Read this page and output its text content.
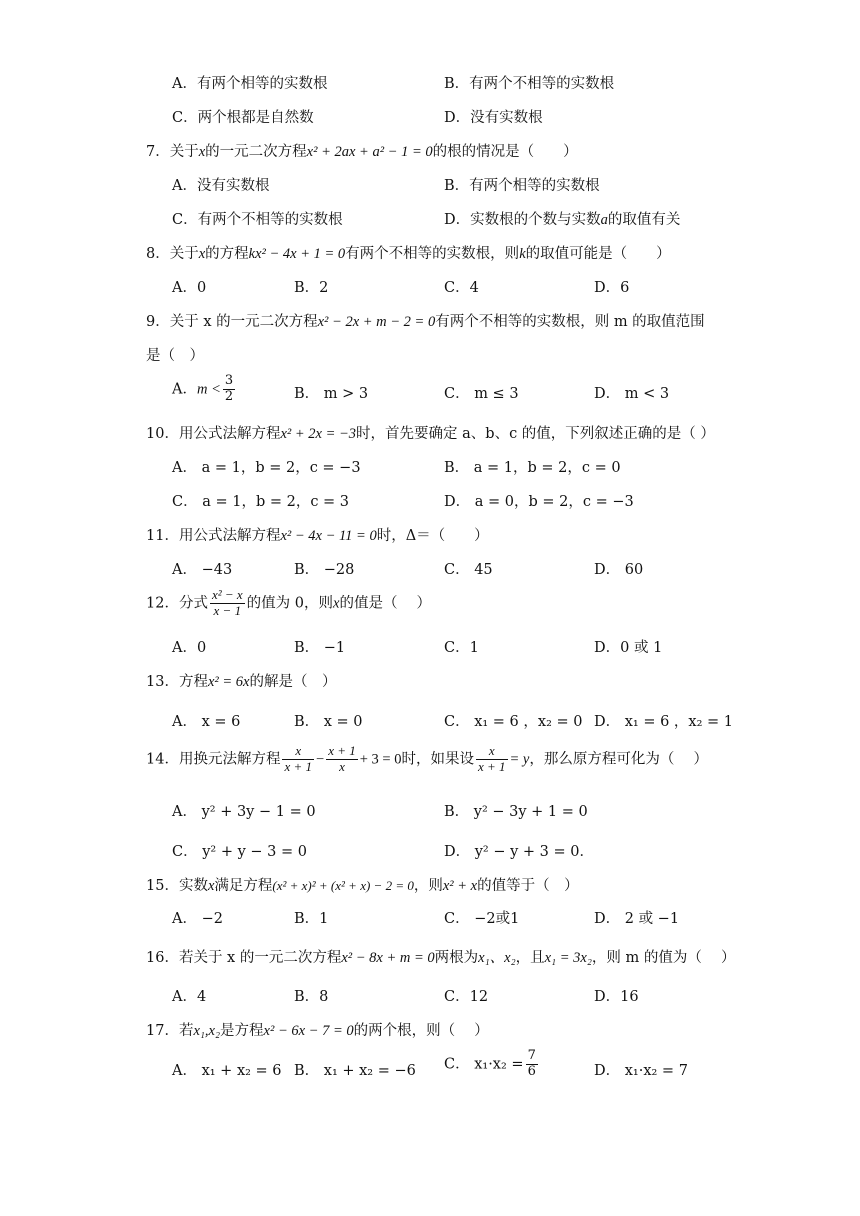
A．有两个相等的实数根	B．有两个不相等的实数根
C．两个根都是自然数	D．没有实数根
7．关于x的一元二次方程x² + 2ax + a² − 1 = 0的根的情况是（　　）
A．没有实数根	B．有两个相等的实数根
C．有两个不相等的实数根	D．实数根的个数与实数a的取值有关
8．关于x的方程kx² − 4x + 1 = 0有两个不相等的实数根，则k的取值可能是（　　）
A．0	B．2	C．4	D．6
9．关于 x 的一元二次方程x² − 2x + m − 2 = 0有两个不相等的实数根，则 m 的取值范围
是（　）
A．$m < \frac{3}{2}$	B． m > 3	C． m ≤ 3	D． m < 3
10．用公式法解方程x² + 2x = −3时，首先要确定 a、b、c 的值，下列叙述正确的是（ ）
A． a = 1，b = 2，c = −3	B． a = 1，b = 2，c = 0
C． a = 1，b = 2，c = 3	D． a = 0，b = 2，c = −3
11．用公式法解方程x² − 4x − 11 = 0时，Δ＝（　　）
A． −43	B． −28	C． 45	D． 60
12．分式 $\frac{\text{x² − x}}{x - 1}$ 的值为 0，则x的值是（　 ）
A．0	B． −1	C．1	D．0 或 1
13．方程x² = 6x的解是（　）
A． x = 6	B． x = 0	C． x₁ = 6 ，x₂ = 0 D． x₁ = 6 ，x₂ = 1
14．用换元法解方程 $\frac{x}{x + 1} - \frac{x + 1}{x} + 3 = 0$时，如果设 $\frac{x}{x + 1} = y$，那么原方程可化为（　 ）
A． y² + 3y − 1 = 0	B． y² − 3y + 1 = 0
C． y² + y − 3 = 0	D． y² − y + 3 = 0．
15．实数x满足方程(x² + x)² + (x² + x) − 2 = 0，则x² + x的值等于（　）
A． −2	B．1	C． −2或1	D． 2 或 −1
16．若关于 x 的一元二次方程x² − 8x + m = 0两根为x₁、x₂，且x₁ = 3x₂，则 m 的值为（　 ）
A．4	B．8	C．12	D．16
17．若x₁,x₂是方程x² − 6x − 7 = 0的两个根，则（　 ）
A． x₁ + x₂ = 6 B． x₁ + x₂ = −6 C． $x_1\cdot x_2 = \frac{7}{6}$	D． x₁·x₂ = 7
